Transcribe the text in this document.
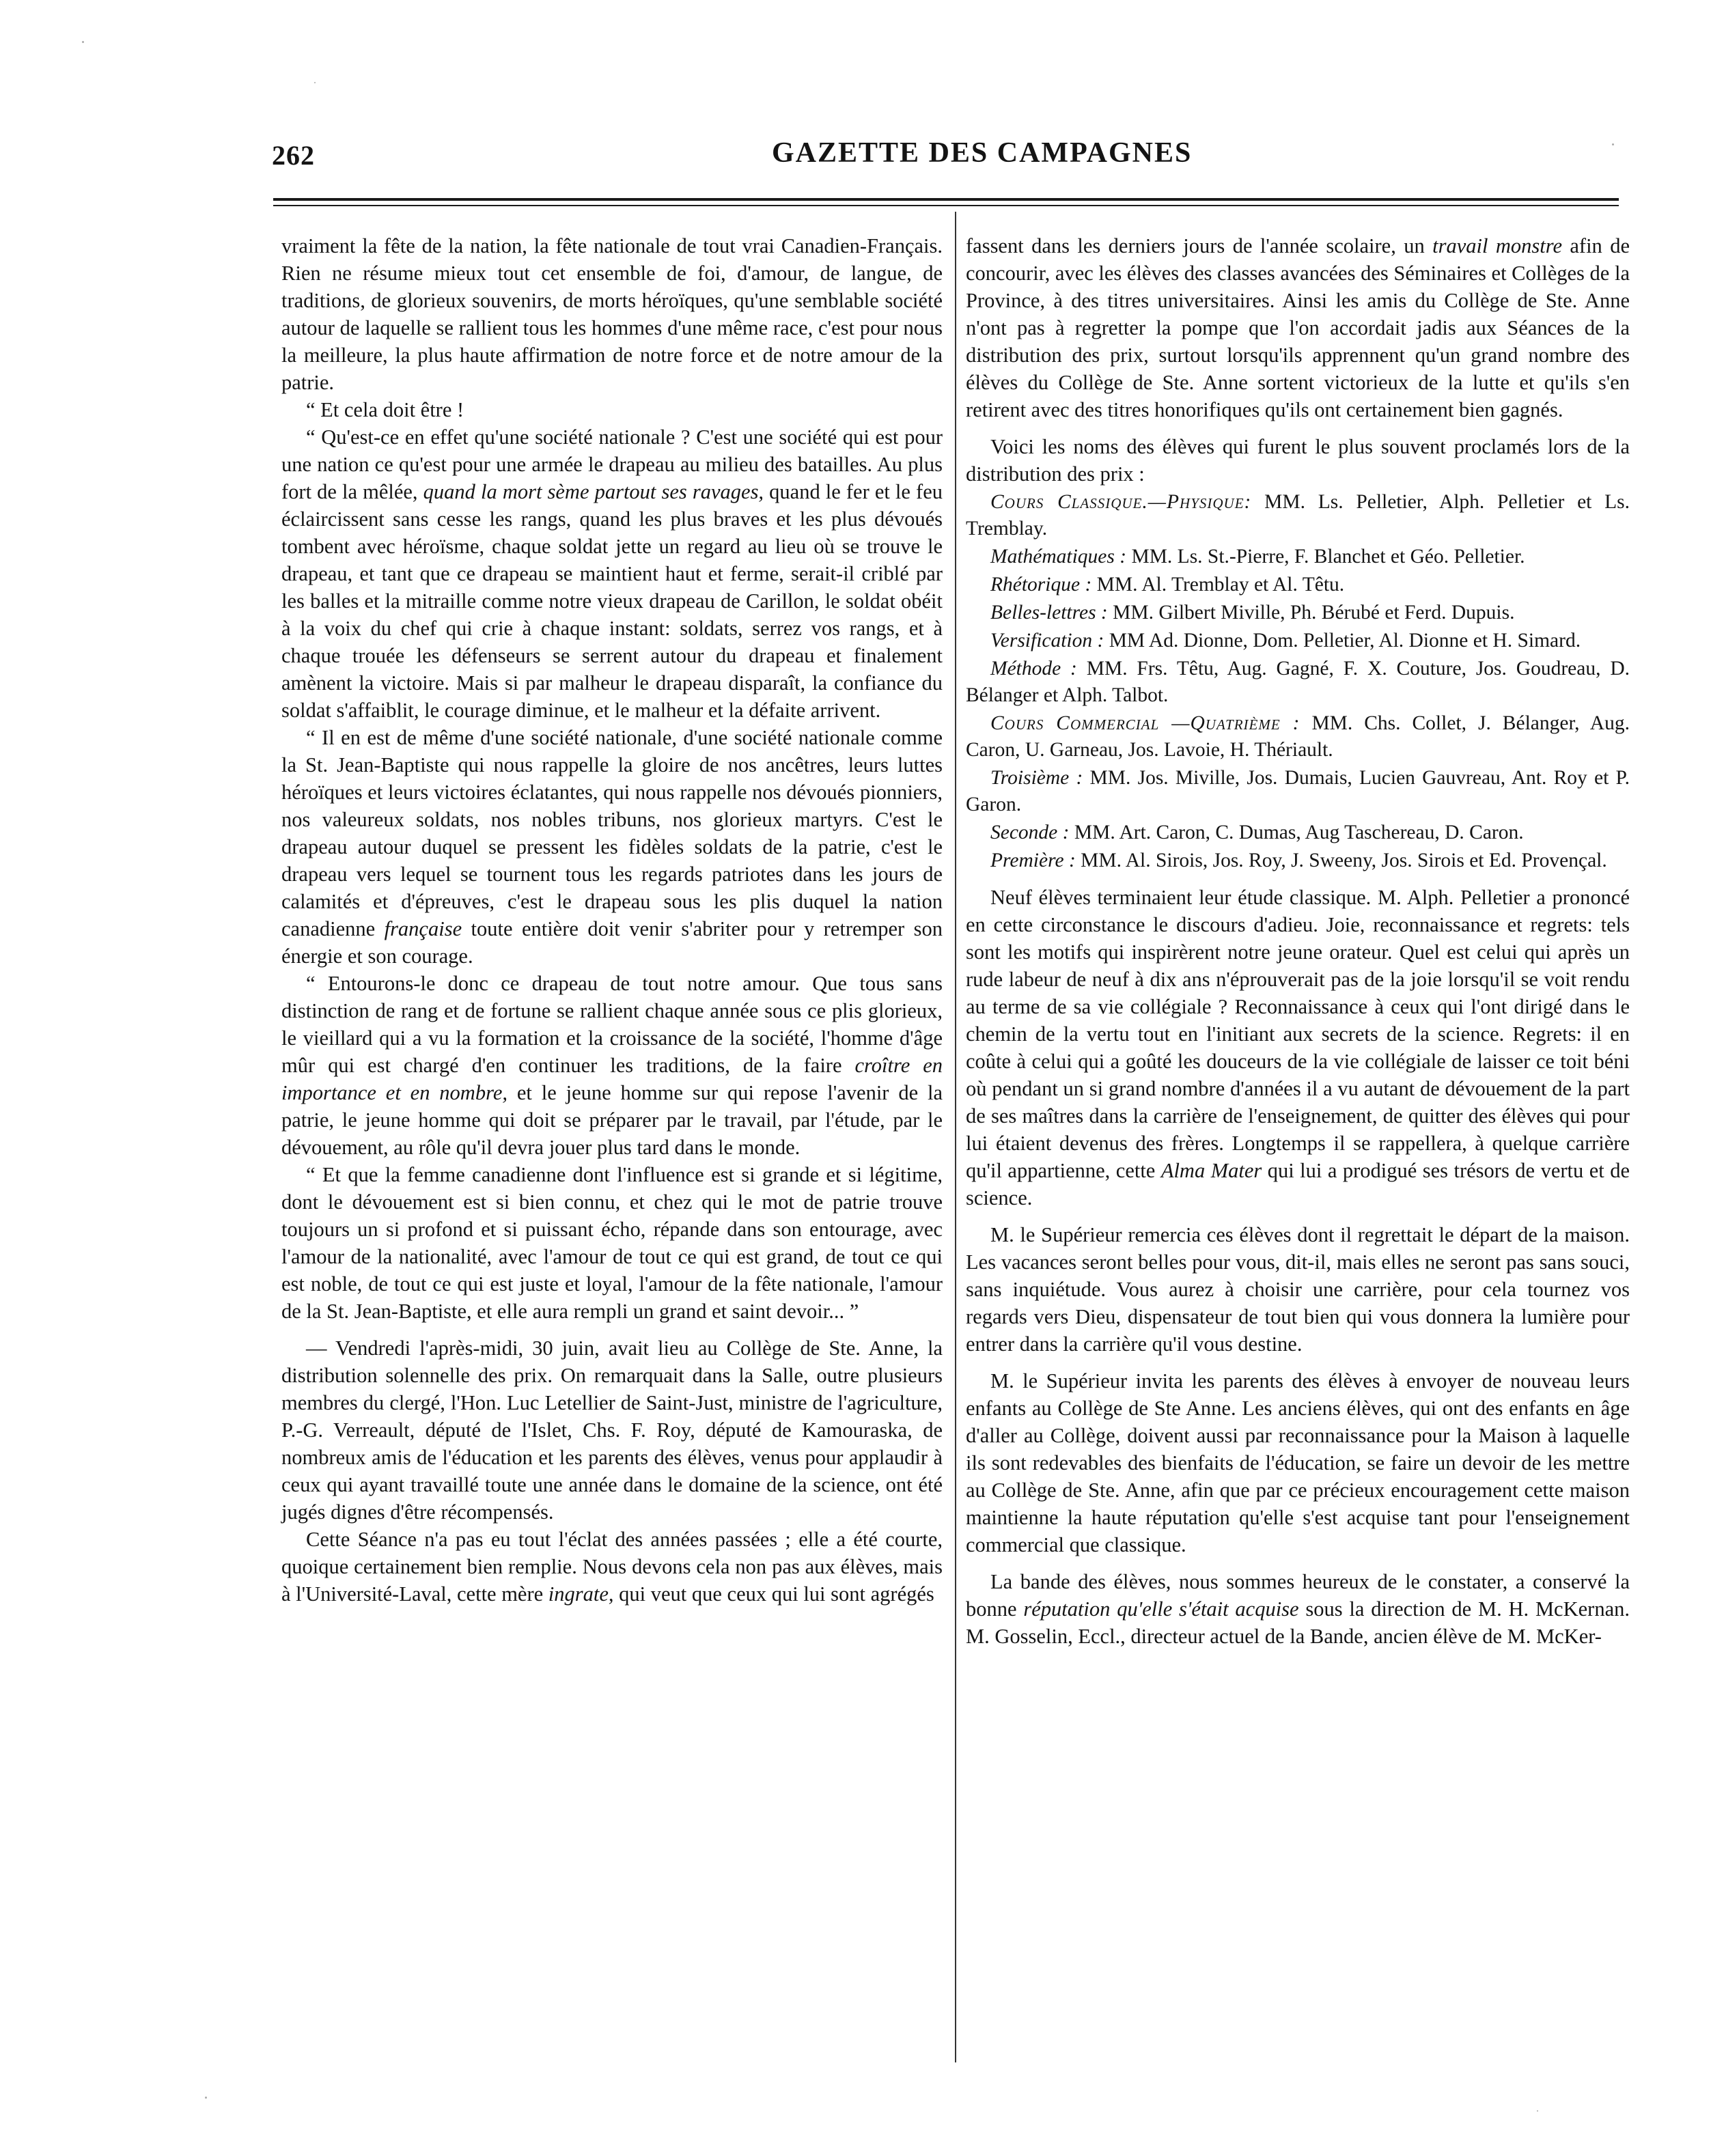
262	GAZETTE DES CAMPAGNES

vraiment la fête de la nation, la fête nationale de tout vrai Canadien-Français. Rien ne résume mieux tout cet ensemble de foi, d'amour, de langue, de traditions, de glorieux souvenirs, de morts héroïques, qu'une semblable société autour de laquelle se rallient tous les hommes d'une même race, c'est pour nous la meilleure, la plus haute affirmation de notre force et de notre amour de la patrie.

“ Et cela doit être !

“ Qu'est-ce en effet qu'une société nationale ? C'est une société qui est pour une nation ce qu'est pour une armée le drapeau au milieu des batailles. Au plus fort de la mêlée, quand la mort sème partout ses ravages, quand le fer et le feu éclaircissent sans cesse les rangs, quand les plus braves et les plus dévoués tombent avec héroïsme, chaque soldat jette un regard au lieu où se trouve le drapeau, et tant que ce drapeau se maintient haut et ferme, serait-il criblé par les balles et la mitraille comme notre vieux drapeau de Carillon, le soldat obéit à la voix du chef qui crie à chaque instant: soldats, serrez vos rangs, et à chaque trouée les défenseurs se serrent autour du drapeau et finalement amènent la victoire. Mais si par malheur le drapeau disparaît, la confiance du soldat s'affaiblit, le courage diminue, et le malheur et la défaite arrivent.

“ Il en est de même d'une société nationale, d'une société nationale comme la St. Jean-Baptiste qui nous rappelle la gloire de nos ancêtres, leurs luttes héroïques et leurs victoires éclatantes, qui nous rappelle nos dévoués pionniers, nos valeureux soldats, nos nobles tribuns, nos glorieux martyrs. C'est le drapeau autour duquel se pressent les fidèles soldats de la patrie, c'est le drapeau vers lequel se tournent tous les regards patriotes dans les jours de calamités et d'épreuves, c'est le drapeau sous les plis duquel la nation canadienne française toute entière doit venir s'abriter pour y retremper son énergie et son courage.

“ Entourons-le donc ce drapeau de tout notre amour. Que tous sans distinction de rang et de fortune se rallient chaque année sous ce plis glorieux, le vieillard qui a vu la formation et la croissance de la société, l'homme d'âge mûr qui est chargé d'en continuer les traditions, de la faire croître en importance et en nombre, et le jeune homme sur qui repose l'avenir de la patrie, le jeune homme qui doit se préparer par le travail, par l'étude, par le dévouement, au rôle qu'il devra jouer plus tard dans le monde.

“ Et que la femme canadienne dont l'influence est si grande et si légitime, dont le dévouement est si bien connu, et chez qui le mot de patrie trouve toujours un si profond et si puissant écho, répande dans son entourage, avec l'amour de la nationalité, avec l'amour de tout ce qui est grand, de tout ce qui est noble, de tout ce qui est juste et loyal, l'amour de la fête nationale, l'amour de la St. Jean-Baptiste, et elle aura rempli un grand et saint devoir... ”

— Vendredi l'après-midi, 30 juin, avait lieu au Collège de Ste. Anne, la distribution solennelle des prix. On remarquait dans la Salle, outre plusieurs membres du clergé, l'Hon. Luc Letellier de Saint-Just, ministre de l'agriculture, P.-G. Verreault, député de l'Islet, Chs. F. Roy, député de Kamouraska, de nombreux amis de l'éducation et les parents des élèves, venus pour applaudir à ceux qui ayant travaillé toute une année dans le domaine de la science, ont été jugés dignes d'être récompensés.

Cette Séance n'a pas eu tout l'éclat des années passées ; elle a été courte, quoique certainement bien remplie. Nous devons cela non pas aux élèves, mais à l'Université-Laval, cette mère ingrate, qui veut que ceux qui lui sont agrégés

fassent dans les derniers jours de l'année scolaire, un travail monstre afin de concourir, avec les élèves des classes avancées des Séminaires et Collèges de la Province, à des titres universitaires. Ainsi les amis du Collège de Ste. Anne n'ont pas à regretter la pompe que l'on accordait jadis aux Séances de la distribution des prix, surtout lorsqu'ils apprennent qu'un grand nombre des élèves du Collège de Ste. Anne sortent victorieux de la lutte et qu'ils s'en retirent avec des titres honorifiques qu'ils ont certainement bien gagnés.

Voici les noms des élèves qui furent le plus souvent proclamés lors de la distribution des prix :

Cours Classique.—Physique: MM. Ls. Pelletier, Alph. Pelletier et Ls. Tremblay.

Mathématiques : MM. Ls. St.-Pierre, F. Blanchet et Géo. Pelletier.

Rhétorique : MM. Al. Tremblay et Al. Têtu.

Belles-lettres : MM. Gilbert Miville, Ph. Bérubé et Ferd. Dupuis.

Versification : MM Ad. Dionne, Dom. Pelletier, Al. Dionne et H. Simard.

Méthode : MM. Frs. Têtu, Aug. Gagné, F. X. Couture, Jos. Goudreau, D. Bélanger et Alph. Talbot.

Cours Commercial —Quatrième : MM. Chs. Collet, J. Bélanger, Aug. Caron, U. Garneau, Jos. Lavoie, H. Thériault.

Troisième : MM. Jos. Miville, Jos. Dumais, Lucien Gauvreau, Ant. Roy et P. Garon.

Seconde : MM. Art. Caron, C. Dumas, Aug Taschereau, D. Caron.

Première : MM. Al. Sirois, Jos. Roy, J. Sweeny, Jos. Sirois et Ed. Provençal.

Neuf élèves terminaient leur étude classique. M. Alph. Pelletier a prononcé en cette circonstance le discours d'adieu. Joie, reconnaissance et regrets: tels sont les motifs qui inspirèrent notre jeune orateur. Quel est celui qui après un rude labeur de neuf à dix ans n'éprouverait pas de la joie lorsqu'il se voit rendu au terme de sa vie collégiale ? Reconnaissance à ceux qui l'ont dirigé dans le chemin de la vertu tout en l'initiant aux secrets de la science. Regrets: il en coûte à celui qui a goûté les douceurs de la vie collégiale de laisser ce toit béni où pendant un si grand nombre d'années il a vu autant de dévouement de la part de ses maîtres dans la carrière de l'enseignement, de quitter des élèves qui pour lui étaient devenus des frères. Longtemps il se rappellera, à quelque carrière qu'il appartienne, cette Alma Mater qui lui a prodigué ses trésors de vertu et de science.

M. le Supérieur remercia ces élèves dont il regrettait le départ de la maison. Les vacances seront belles pour vous, dit-il, mais elles ne seront pas sans souci, sans inquiétude. Vous aurez à choisir une carrière, pour cela tournez vos regards vers Dieu, dispensateur de tout bien qui vous donnera la lumière pour entrer dans la carrière qu'il vous destine.

M. le Supérieur invita les parents des élèves à envoyer de nouveau leurs enfants au Collège de Ste Anne. Les anciens élèves, qui ont des enfants en âge d'aller au Collège, doivent aussi par reconnaissance pour la Maison à laquelle ils sont redevables des bienfaits de l'éducation, se faire un devoir de les mettre au Collège de Ste. Anne, afin que par ce précieux encouragement cette maison maintienne la haute réputation qu'elle s'est acquise tant pour l'enseignement commercial que classique.

La bande des élèves, nous sommes heureux de le constater, a conservé la bonne réputation qu'elle s'était acquise sous la direction de M. H. McKernan. M. Gosselin, Eccl., directeur actuel de la Bande, ancien élève de M. McKer-
